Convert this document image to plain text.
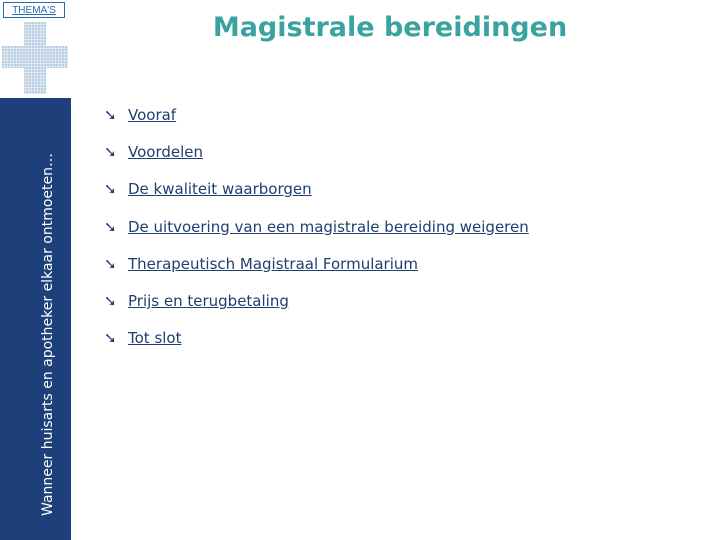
THEMA'S
Wanneer huisarts en apotheker elkaar ontmoeten…
Magistrale bereidingen
➘ Vooraf
➘ Voordelen
➘ De kwaliteit waarborgen
➘ De uitvoering van een magistrale bereiding weigeren
➘ Therapeutisch Magistraal Formularium
➘ Prijs en terugbetaling
➘ Tot slot
